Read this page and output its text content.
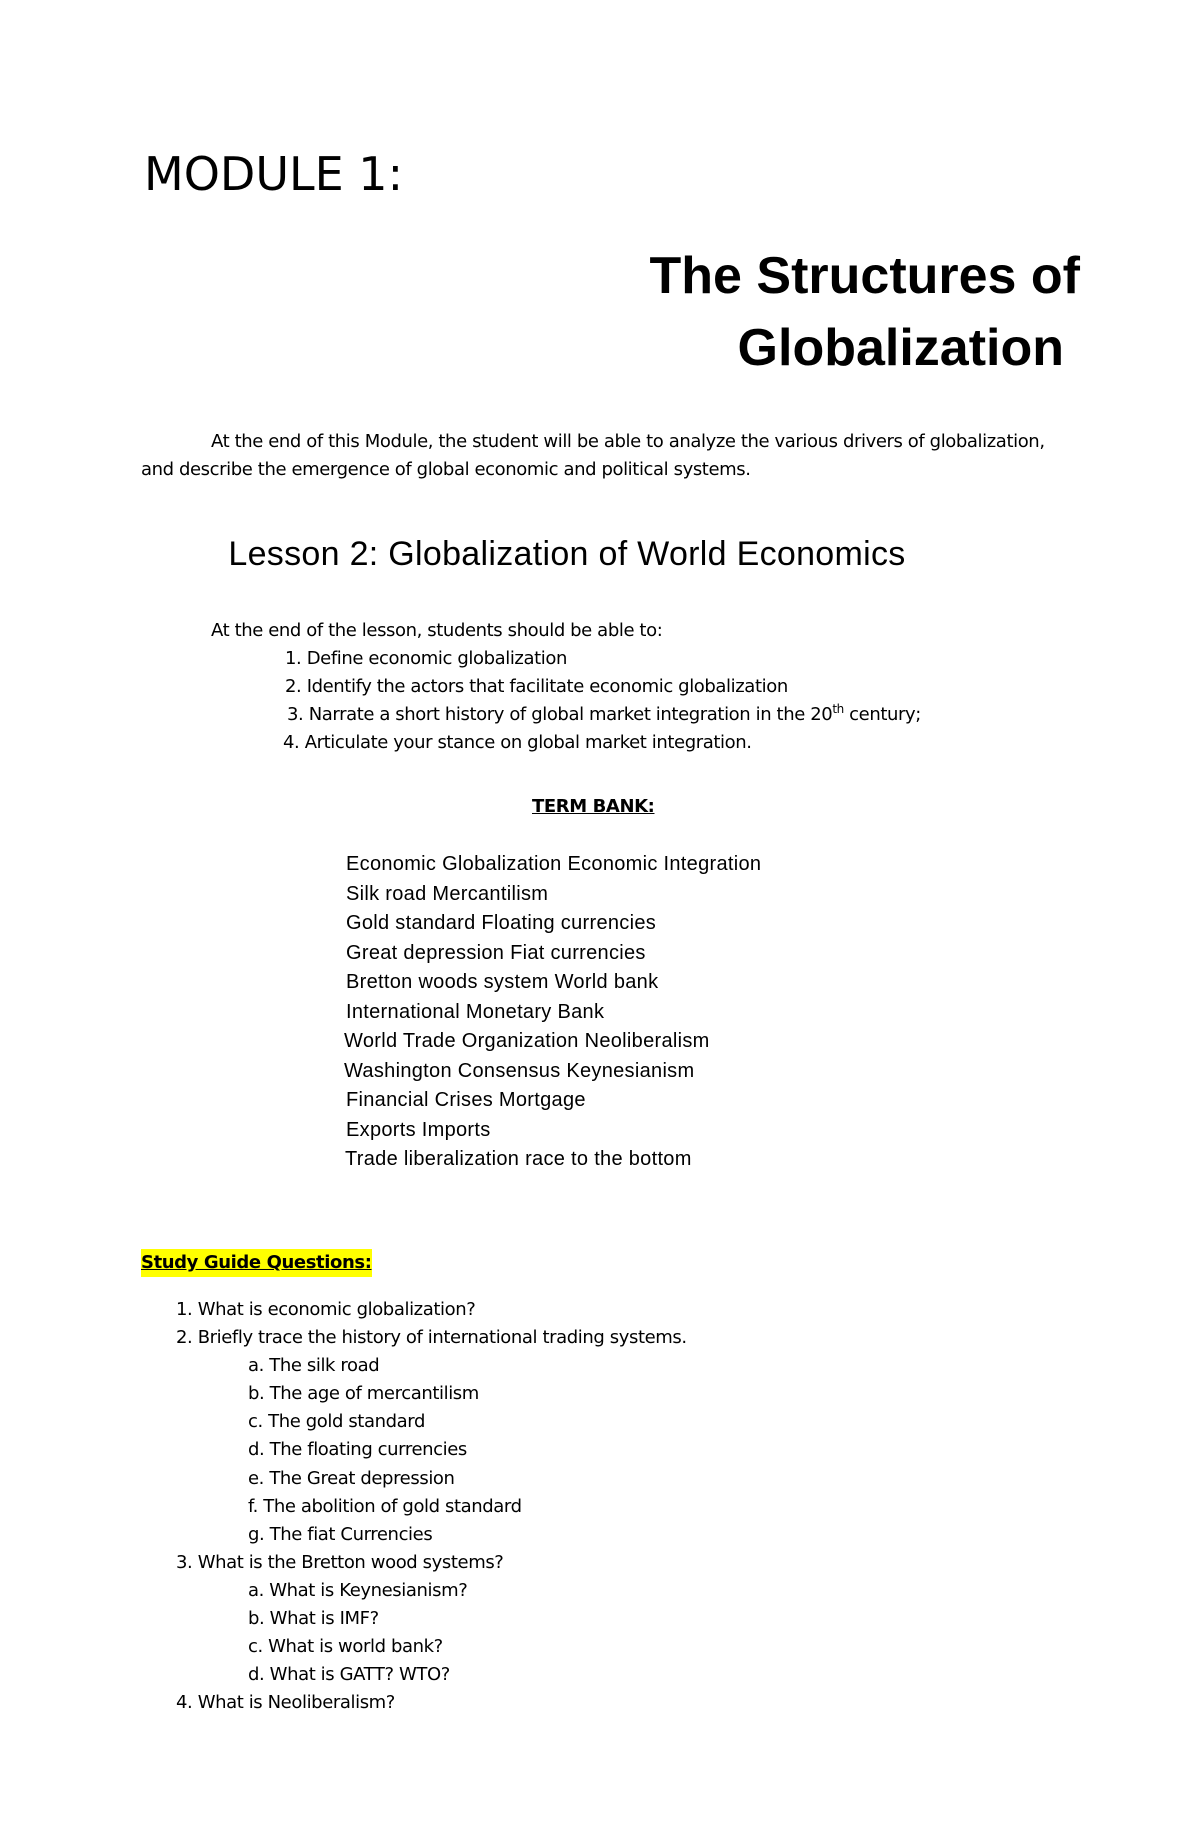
MODULE 1:
The Structures of
Globalization
At the end of this Module, the student will be able to analyze the various drivers of globalization,
and describe the emergence of global economic and political systems.
Lesson 2: Globalization of World Economics
At the end of the lesson, students should be able to:
1. Define economic globalization
2. Identify the actors that facilitate economic globalization
3. Narrate a short history of global market integration in the 20th century;
4. Articulate your stance on global market integration.
TERM BANK:
Economic Globalization Economic Integration
Silk road Mercantilism
Gold standard Floating currencies
Great depression Fiat currencies
Bretton woods system World bank
International Monetary Bank
World Trade Organization Neoliberalism
Washington Consensus Keynesianism
Financial Crises Mortgage
Exports Imports
Trade liberalization race to the bottom
Study Guide Questions:
1. What is economic globalization?
2. Briefly trace the history of international trading systems.
a. The silk road
b. The age of mercantilism
c. The gold standard
d. The floating currencies
e. The Great depression
f. The abolition of gold standard
g. The fiat Currencies
3. What is the Bretton wood systems?
a. What is Keynesianism?
b. What is IMF?
c. What is world bank?
d. What is GATT? WTO?
4. What is Neoliberalism?
